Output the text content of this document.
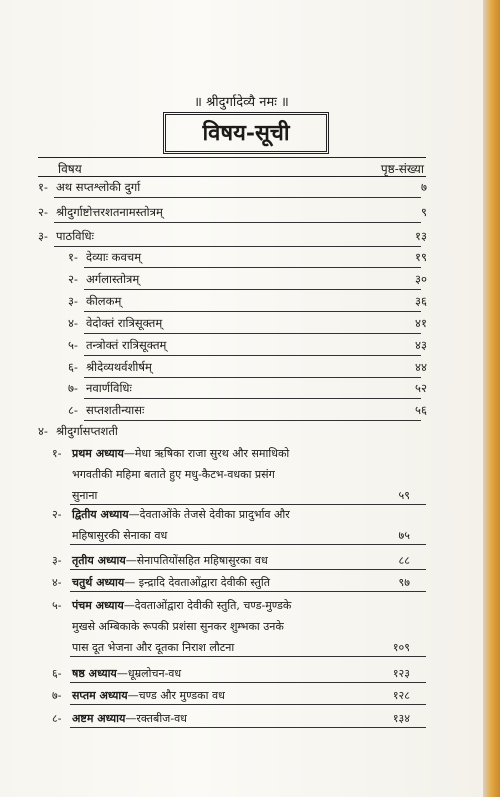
॥ श्रीदुर्गादेव्यै नमः ॥
विषय-सूची
विषय	पृष्ठ-संख्या
१- अथ सप्तश्लोकी दुर्गा	७
२- श्रीदुर्गाष्टोत्तरशतनामस्तोत्रम्	९
३- पाठविधिः	१३
१- देव्याः कवचम्	१९
२- अर्गलास्तोत्रम्	३०
३- कीलकम्	३६
४- वेदोक्तं रात्रिसूक्तम्	४१
५- तन्त्रोक्तं रात्रिसूक्तम्	४३
६- श्रीदेव्यथर्वशीर्षम्	४४
७- नवार्णविधिः	५२
८- सप्तशतीन्यासः	५६
४- श्रीदुर्गासप्तशती
१- प्रथम अध्याय—मेधा ऋषिका राजा सुरथ और समाधिको
भगवतीकी महिमा बताते हुए मधु-कैटभ-वधका प्रसंग
सुनाना	५९
२- द्वितीय अध्याय—देवताओंके तेजसे देवीका प्रादुर्भाव और
महिषासुरकी सेनाका वध	७५
३- तृतीय अध्याय—सेनापतियोंसहित महिषासुरका वध	८८
४- चतुर्थ अध्याय— इन्द्रादि देवताओंद्वारा देवीकी स्तुति	९७
५- पंचम अध्याय—देवताओंद्वारा देवीकी स्तुति, चण्ड-मुण्डके
मुखसे अम्बिकाके रूपकी प्रशंसा सुनकर शुम्भका उनके
पास दूत भेजना और दूतका निराश लौटना	१०९
६- षष्ठ अध्याय—धूम्रलोचन-वध	१२३
७- सप्तम अध्याय—चण्ड और मुण्डका वध	१२८
८- अष्टम अध्याय—रक्तबीज-वध	१३४
